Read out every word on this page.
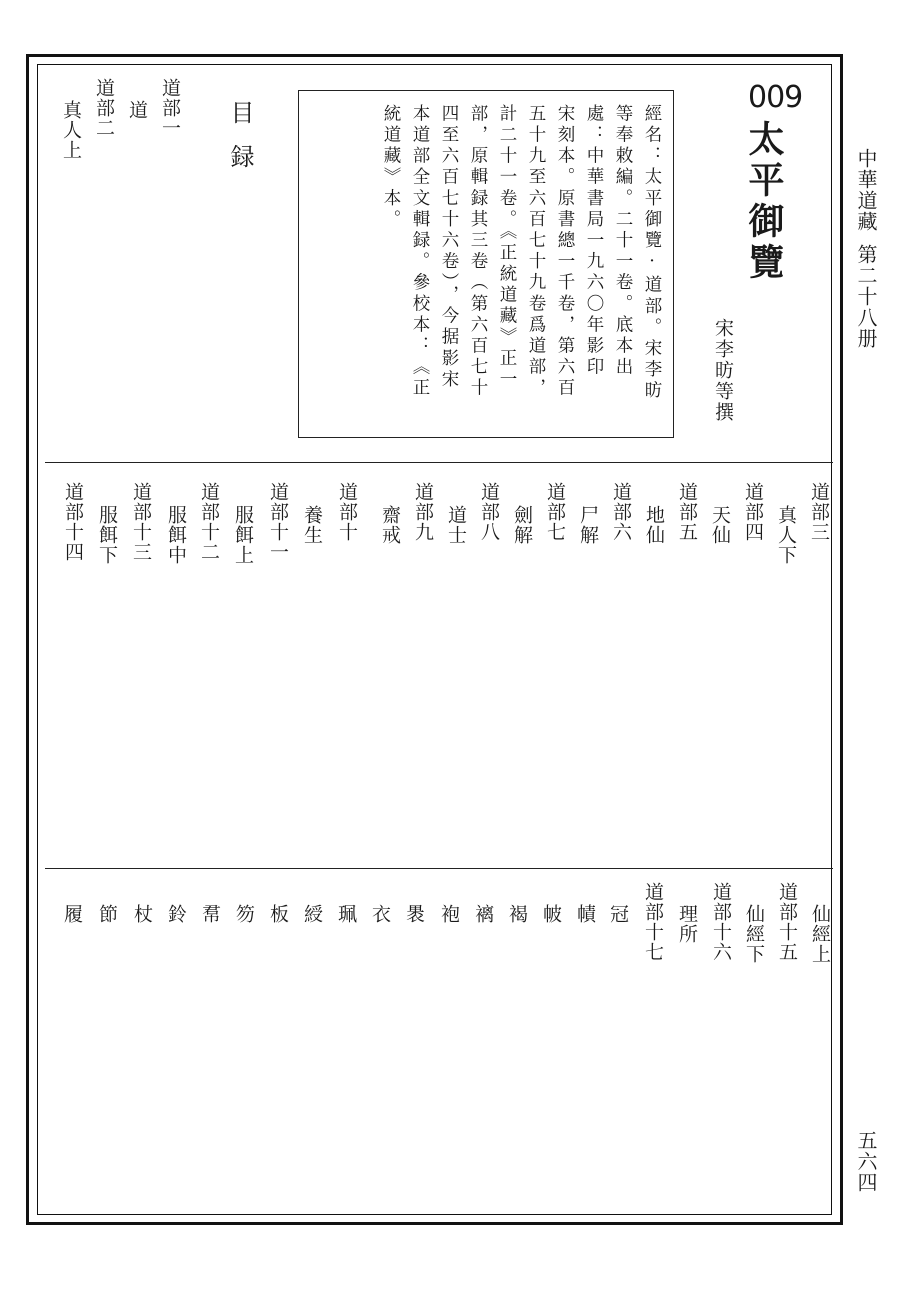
中華道藏第二十八册
五六四
009
太平御覽
宋李昉等撰
經名：太平御覽·道部。宋李昉
等奉敕編。二十一卷。底本出
處：中華書局一九六〇年影印
宋刻本。原書總一千卷，第六百
五十九至六百七十九卷爲道部，
計二十一卷。《正統道藏》正一
部，原輯録其三卷（第六百七十
四至六百七十六卷），今据影宋
本道部全文輯録。參校本：《正
統道藏》本。
目録
道部一
道
道部二
真人上
道部三
真人下
道部四
天仙
道部五
地仙
道部六
尸解
道部七
劍解
道部八
道士
道部九
齋戒
道部十
養生
道部十一
服餌上
道部十二
服餌中
道部十三
服餌下
道部十四
仙經上
道部十五
仙經下
道部十六
理所
道部十七
冠
幘
帔
褐
褵
袍
褁
衣
珮
綬
板
笏
帬
鈴
杖
節
履
